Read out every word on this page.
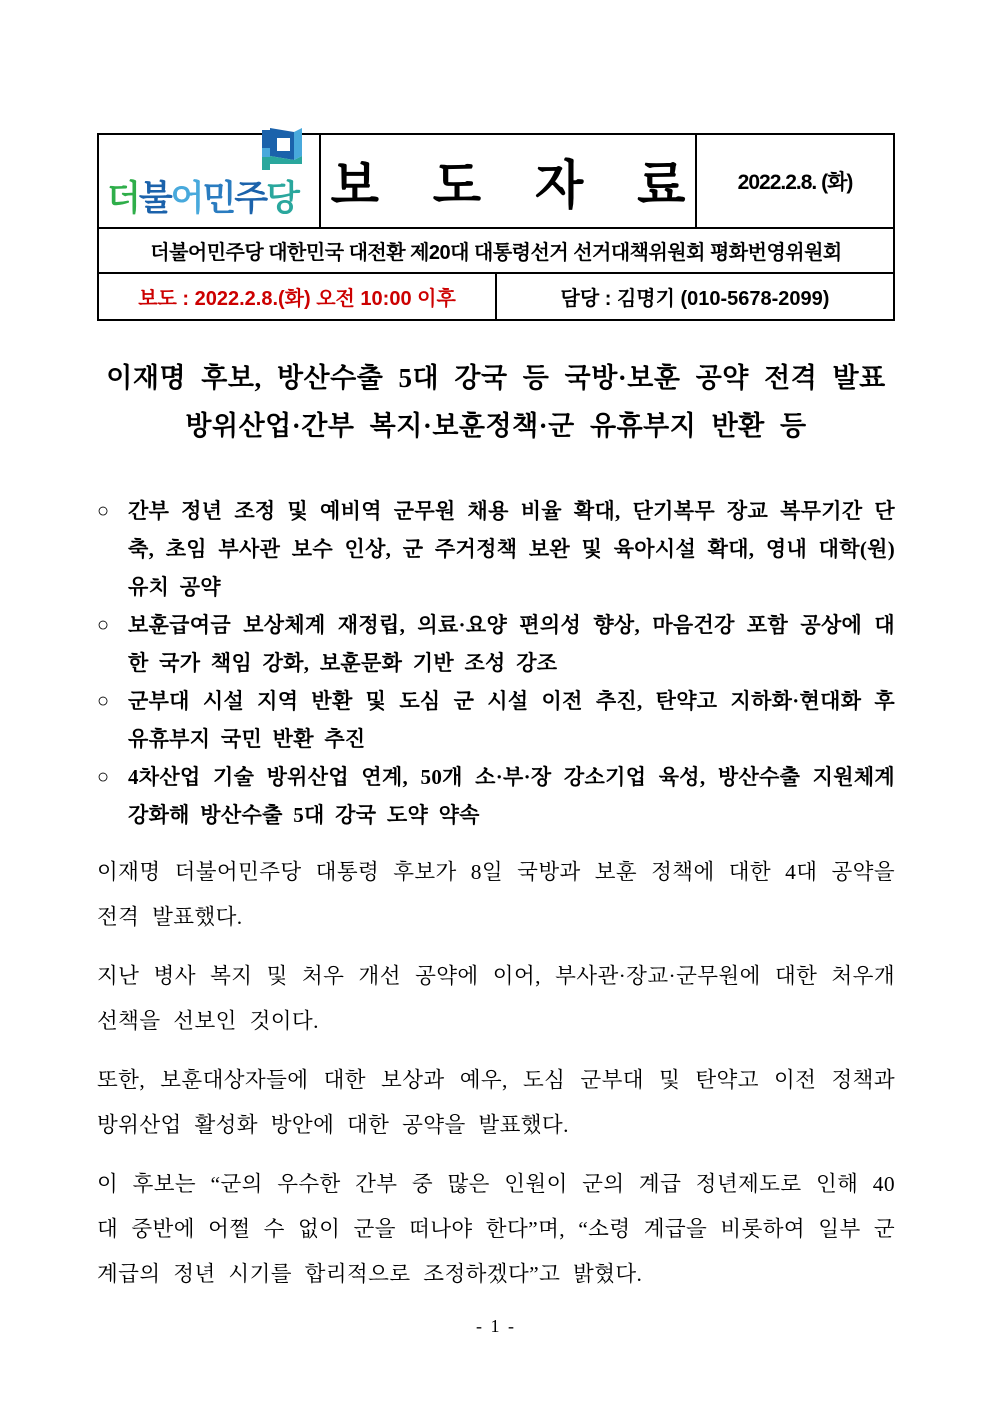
더불어민주당 보 도 자 료 2022.2.8. (화)
더불어민주당 대한민국 대전환 제20대 대통령선거 선거대책위원회 평화번영위원회
보도 : 2022.2.8.(화) 오전 10:00 이후	담당 : 김명기 (010-5678-2099)
이재명 후보, 방산수출 5대 강국 등 국방·보훈 공약 전격 발표
방위산업·간부 복지·보훈정책·군 유휴부지 반환 등
○ 간부 정년 조정 및 예비역 군무원 채용 비율 확대, 단기복무 장교 복무기간 단축, 초임 부사관 보수 인상, 군 주거정책 보완 및 육아시설 확대, 영내 대학(원) 유치 공약
○ 보훈급여금 보상체계 재정립, 의료·요양 편의성 향상, 마음건강 포함 공상에 대한 국가 책임 강화, 보훈문화 기반 조성 강조
○ 군부대 시설 지역 반환 및 도심 군 시설 이전 추진, 탄약고 지하화·현대화 후 유휴부지 국민 반환 추진
○ 4차산업 기술 방위산업 연계, 50개 소·부·장 강소기업 육성, 방산수출 지원체계 강화해 방산수출 5대 강국 도약 약속

이재명 더불어민주당 대통령 후보가 8일 국방과 보훈 정책에 대한 4대 공약을 전격 발표했다.

지난 병사 복지 및 처우 개선 공약에 이어, 부사관·장교·군무원에 대한 처우개선책을 선보인 것이다.

또한, 보훈대상자들에 대한 보상과 예우, 도심 군부대 및 탄약고 이전 정책과 방위산업 활성화 방안에 대한 공약을 발표했다.

이 후보는 “군의 우수한 간부 중 많은 인원이 군의 계급 정년제도로 인해 40대 중반에 어쩔 수 없이 군을 떠나야 한다”며, “소령 계급을 비롯하여 일부 군 계급의 정년 시기를 합리적으로 조정하겠다”고 밝혔다.

- 1 -
